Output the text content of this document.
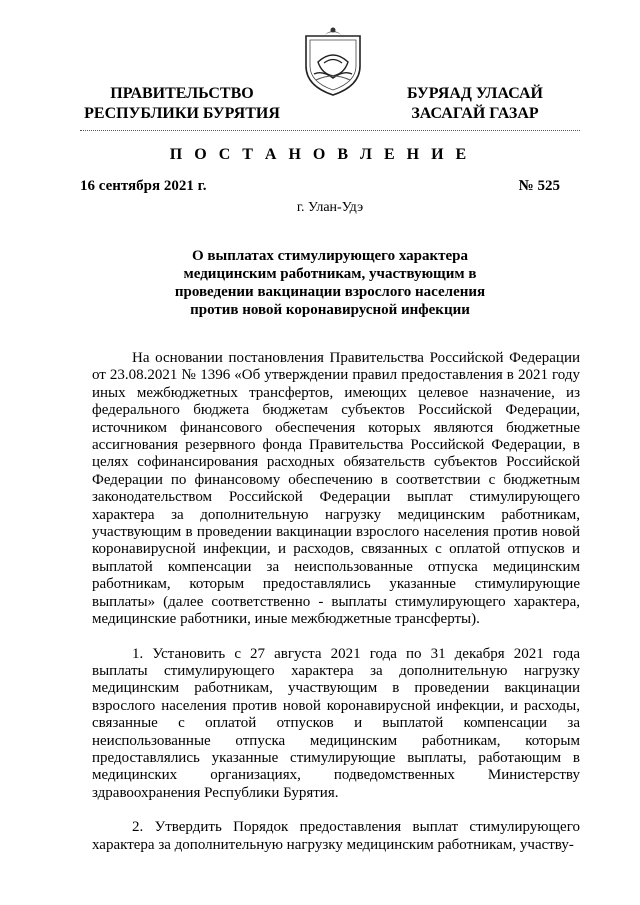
ПРАВИТЕЛЬСТВО
РЕСПУБЛИКИ БУРЯТИЯ
БУРЯАД УЛАСАЙ
ЗАСАГАЙ ГАЗАР
П О С Т А Н О В Л Е Н И Е
16 сентября 2021 г.	№ 525
г. Улан-Удэ
О выплатах стимулирующего характера
медицинским работникам, участвующим в
проведении вакцинации взрослого населения
против новой коронавирусной инфекции

На основании постановления Правительства Российской Федерации от 23.08.2021 № 1396 «Об утверждении правил предоставления в 2021 году иных межбюджетных трансфертов, имеющих целевое назначение, из федерального бюджета бюджетам субъектов Российской Федерации, источником финансового обеспечения которых являются бюджетные ассигнования резервного фонда Правительства Российской Федерации, в целях софинансирования расходных обязательств субъектов Российской Федерации по финансовому обеспечению в соответствии с бюджетным законодательством Российской Федерации выплат стимулирующего характера за дополнительную нагрузку медицинским работникам, участвующим в проведении вакцинации взрослого населения против новой коронавирусной инфекции, и расходов, связанных с оплатой отпусков и выплатой компенсации за неиспользованные отпуска медицинским работникам, которым предоставлялись указанные стимулирующие выплаты» (далее соответственно - выплаты стимулирующего характера, медицинские работники, иные межбюджетные трансферты).

1. Установить с 27 августа 2021 года по 31 декабря 2021 года выплаты стимулирующего характера за дополнительную нагрузку медицинским работникам, участвующим в проведении вакцинации взрослого населения против новой коронавирусной инфекции, и расходы, связанные с оплатой отпусков и выплатой компенсации за неиспользованные отпуска медицинским работникам, которым предоставлялись указанные стимулирующие выплаты, работающим в медицинских организациях, подведомственных Министерству здравоохранения Республики Бурятия.

2. Утвердить Порядок предоставления выплат стимулирующего характера за дополнительную нагрузку медицинским работникам, участву-
